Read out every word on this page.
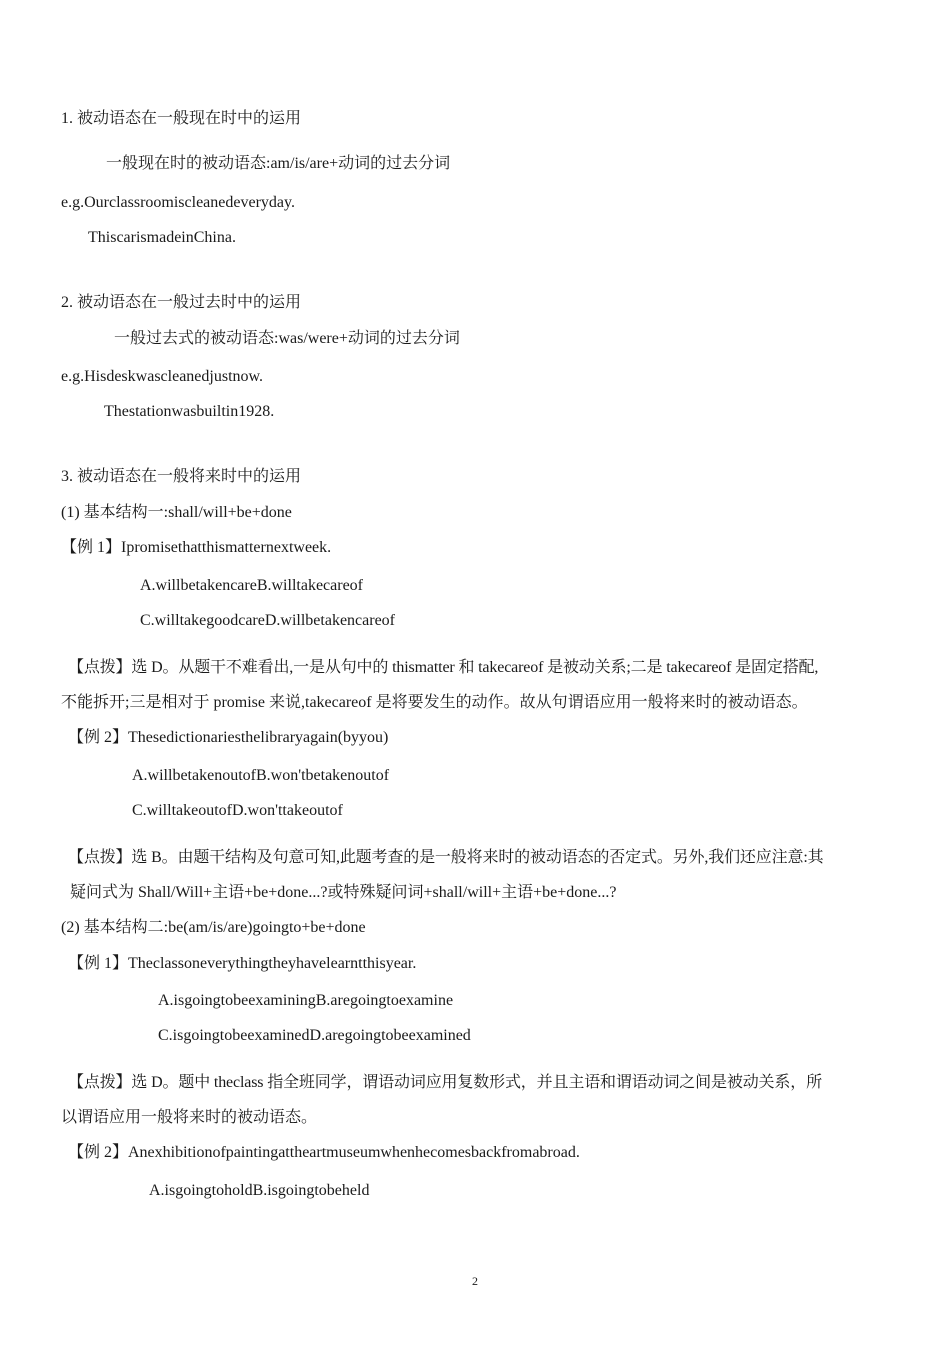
1. 被动语态在一般现在时中的运用
一般现在时的被动语态:am/is/are+动词的过去分词
e.g.Ourclassroomiscleanedeveryday.
ThiscarismadeinChina.
2. 被动语态在一般过去时中的运用
一般过去式的被动语态:was/were+动词的过去分词
e.g.Hisdeskwascleanedjustnow.
Thestationwasbuiltin1928.
3. 被动语态在一般将来时中的运用
(1) 基本结构一:shall/will+be+done
【例 1】Ipromisethatthismatternextweek.
A.willbetakencareB.willtakecareof
C.willtakegoodcareD.willbetakencareof
【点拨】选 D。从题干不难看出,一是从句中的 thismatter 和 takecareof 是被动关系;二是 takecareof 是固定搭配,
不能拆开;三是相对于 promise 来说,takecareof 是将要发生的动作。故从句谓语应用一般将来时的被动语态。
【例 2】Thesedictionariesthelibraryagain(byyou)
A.willbetakenoutofB.won'tbetakenoutof
C.willtakeoutofD.won'ttakeoutof
【点拨】选 B。由题干结构及句意可知,此题考查的是一般将来时的被动语态的否定式。另外,我们还应注意:其
疑问式为 Shall/Will+主语+be+done...?或特殊疑问词+shall/will+主语+be+done...?
(2) 基本结构二:be(am/is/are)goingto+be+done
【例 1】Theclassoneverythingtheyhavelearntthisyear.
A.isgoingtobeexaminingB.aregoingtoexamine
C.isgoingtobeexaminedD.aregoingtobeexamined
【点拨】选 D。题中 theclass 指全班同学，谓语动词应用复数形式，并且主语和谓语动词之间是被动关系，所
以谓语应用一般将来时的被动语态。
【例 2】Anexhibitionofpaintingattheartmuseumwhenhecomesbackfromabroad.
A.isgoingtoholdB.isgoingtobeheld
2
